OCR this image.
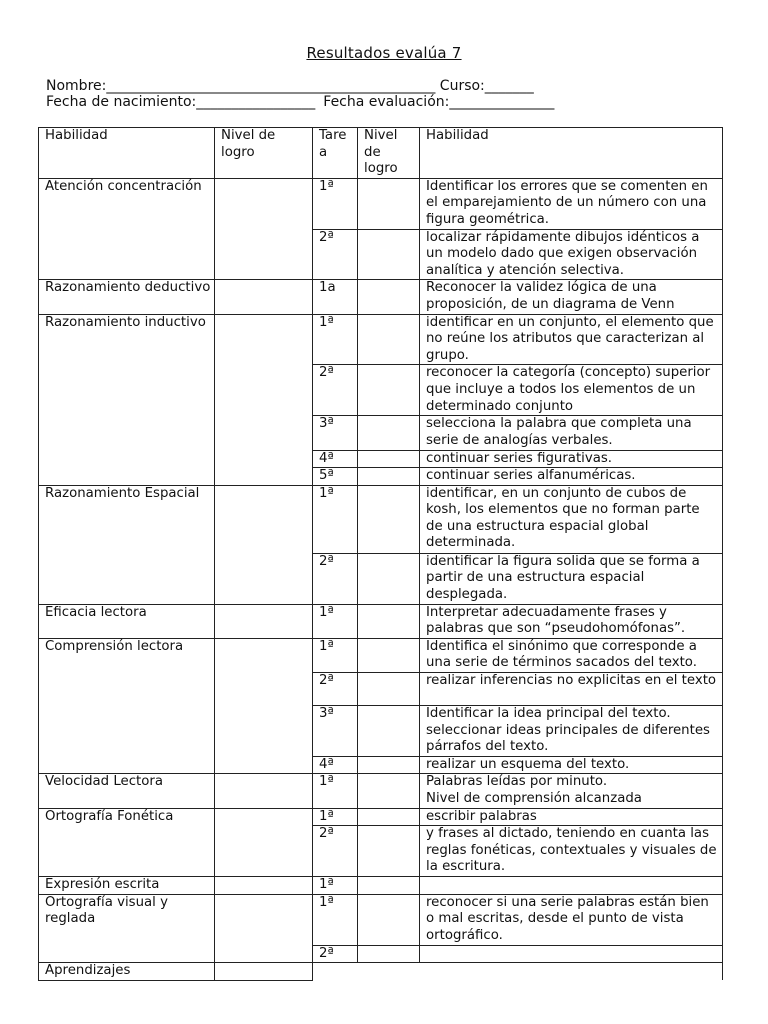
Resultados evalúa 7
Nombre:_______________________________________________ Curso:_______
Fecha de nacimiento:_________________ Fecha evaluación:_______________
Habilidad	Nivel de logro	Tare a	Nivel de logro	Habilidad
Atención concentración		1ª		Identificar los errores que se comenten en el emparejamiento de un número con una figura geométrica.
		2ª		localizar rápidamente dibujos idénticos a un modelo dado que exigen observación analítica y atención selectiva.
Razonamiento deductivo		1a		Reconocer la validez lógica de una proposición, de un diagrama de Venn
Razonamiento inductivo		1ª		identificar en un conjunto, el elemento que no reúne los atributos que caracterizan al grupo.
		2ª		reconocer la categoría (concepto) superior que incluye a todos los elementos de un determinado conjunto
		3ª		selecciona la palabra que completa una serie de analogías verbales.
		4ª		continuar series figurativas.
		5ª		continuar series alfanuméricas.
Razonamiento Espacial		1ª		identificar, en un conjunto de cubos de kosh, los elementos que no forman parte de una estructura espacial global determinada.
		2ª		identificar la figura solida que se forma a partir de una estructura espacial desplegada.
Eficacia lectora		1ª		Interpretar adecuadamente frases y palabras que son “pseudohomófonas”.
Comprensión lectora		1ª		Identifica el sinónimo que corresponde a una serie de términos sacados del texto.
		2ª		realizar inferencias no explicitas en el texto
		3ª		Identificar la idea principal del texto. seleccionar ideas principales de diferentes párrafos del texto.
		4ª		realizar un esquema del texto.
Velocidad Lectora		1ª		Palabras leídas por minuto.
Nivel de comprensión alcanzada
Ortografía Fonética		1ª		escribir palabras
		2ª		y frases al dictado, teniendo en cuanta las reglas fonéticas, contextuales y visuales de la escritura.
Expresión escrita		1ª		
Ortografía visual y reglada		1ª		reconocer si una serie palabras están bien o mal escritas, desde el punto de vista ortográfico.
		2ª		
Aprendizajes				
